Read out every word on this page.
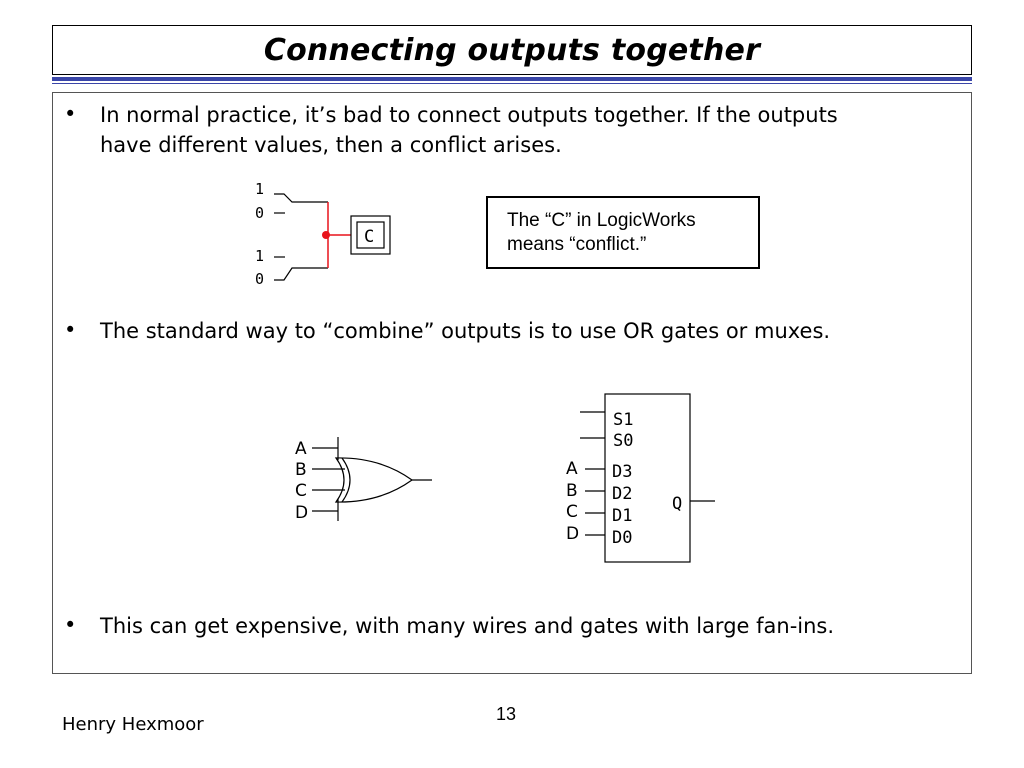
Connecting outputs together
• In normal practice, it’s bad to connect outputs together. If the outputs
have different values, then a conflict arises.
1
0
1
0
C
The “C” in LogicWorks
means “conflict.”
• The standard way to “combine” outputs is to use OR gates or muxes.
A
B
C
D
S1
S0
A
B
C
D
D3
D2
D1
D0
Q
• This can get expensive, with many wires and gates with large fan-ins.
Henry Hexmoor	13
